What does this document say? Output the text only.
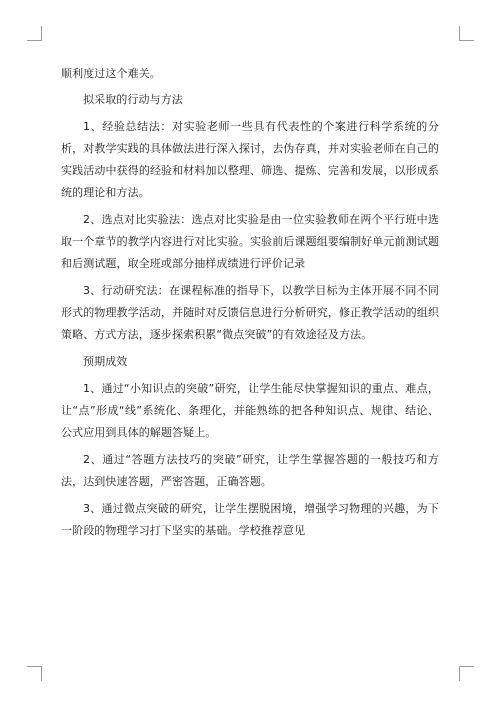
顺利度过这个难关。

拟采取的行动与方法

1、经验总结法：对实验老师一些具有代表性的个案进行科学系统的分析，对教学实践的具体做法进行深入探讨，去伪存真，并对实验老师在自己的实践活动中获得的经验和材料加以整理、筛选、提炼、完善和发展，以形成系统的理论和方法。

2、选点对比实验法：选点对比实验是由一位实验教师在两个平行班中选取一个章节的教学内容进行对比实验。实验前后课题组要编制好单元前测试题和后测试题，取全班或部分抽样成绩进行评价记录

3、行动研究法：在课程标准的指导下，以教学目标为主体开展不同不同形式的物理教学活动，并随时对反馈信息进行分析研究，修正教学活动的组织策略、方式方法，逐步探索积累“微点突破”的有效途径及方法。

预期成效

1、通过“小知识点的突破”研究，让学生能尽快掌握知识的重点、难点，让“点”形成“线”系统化、条理化，并能熟练的把各种知识点、规律、结论、公式应用到具体的解题答疑上。

2、通过“答题方法技巧的突破”研究，让学生掌握答题的一般技巧和方法，达到快速答题，严密答题，正确答题。

3、通过微点突破的研究，让学生摆脱困境，增强学习物理的兴趣，为下一阶段的物理学习打下坚实的基础。学校推荐意见
